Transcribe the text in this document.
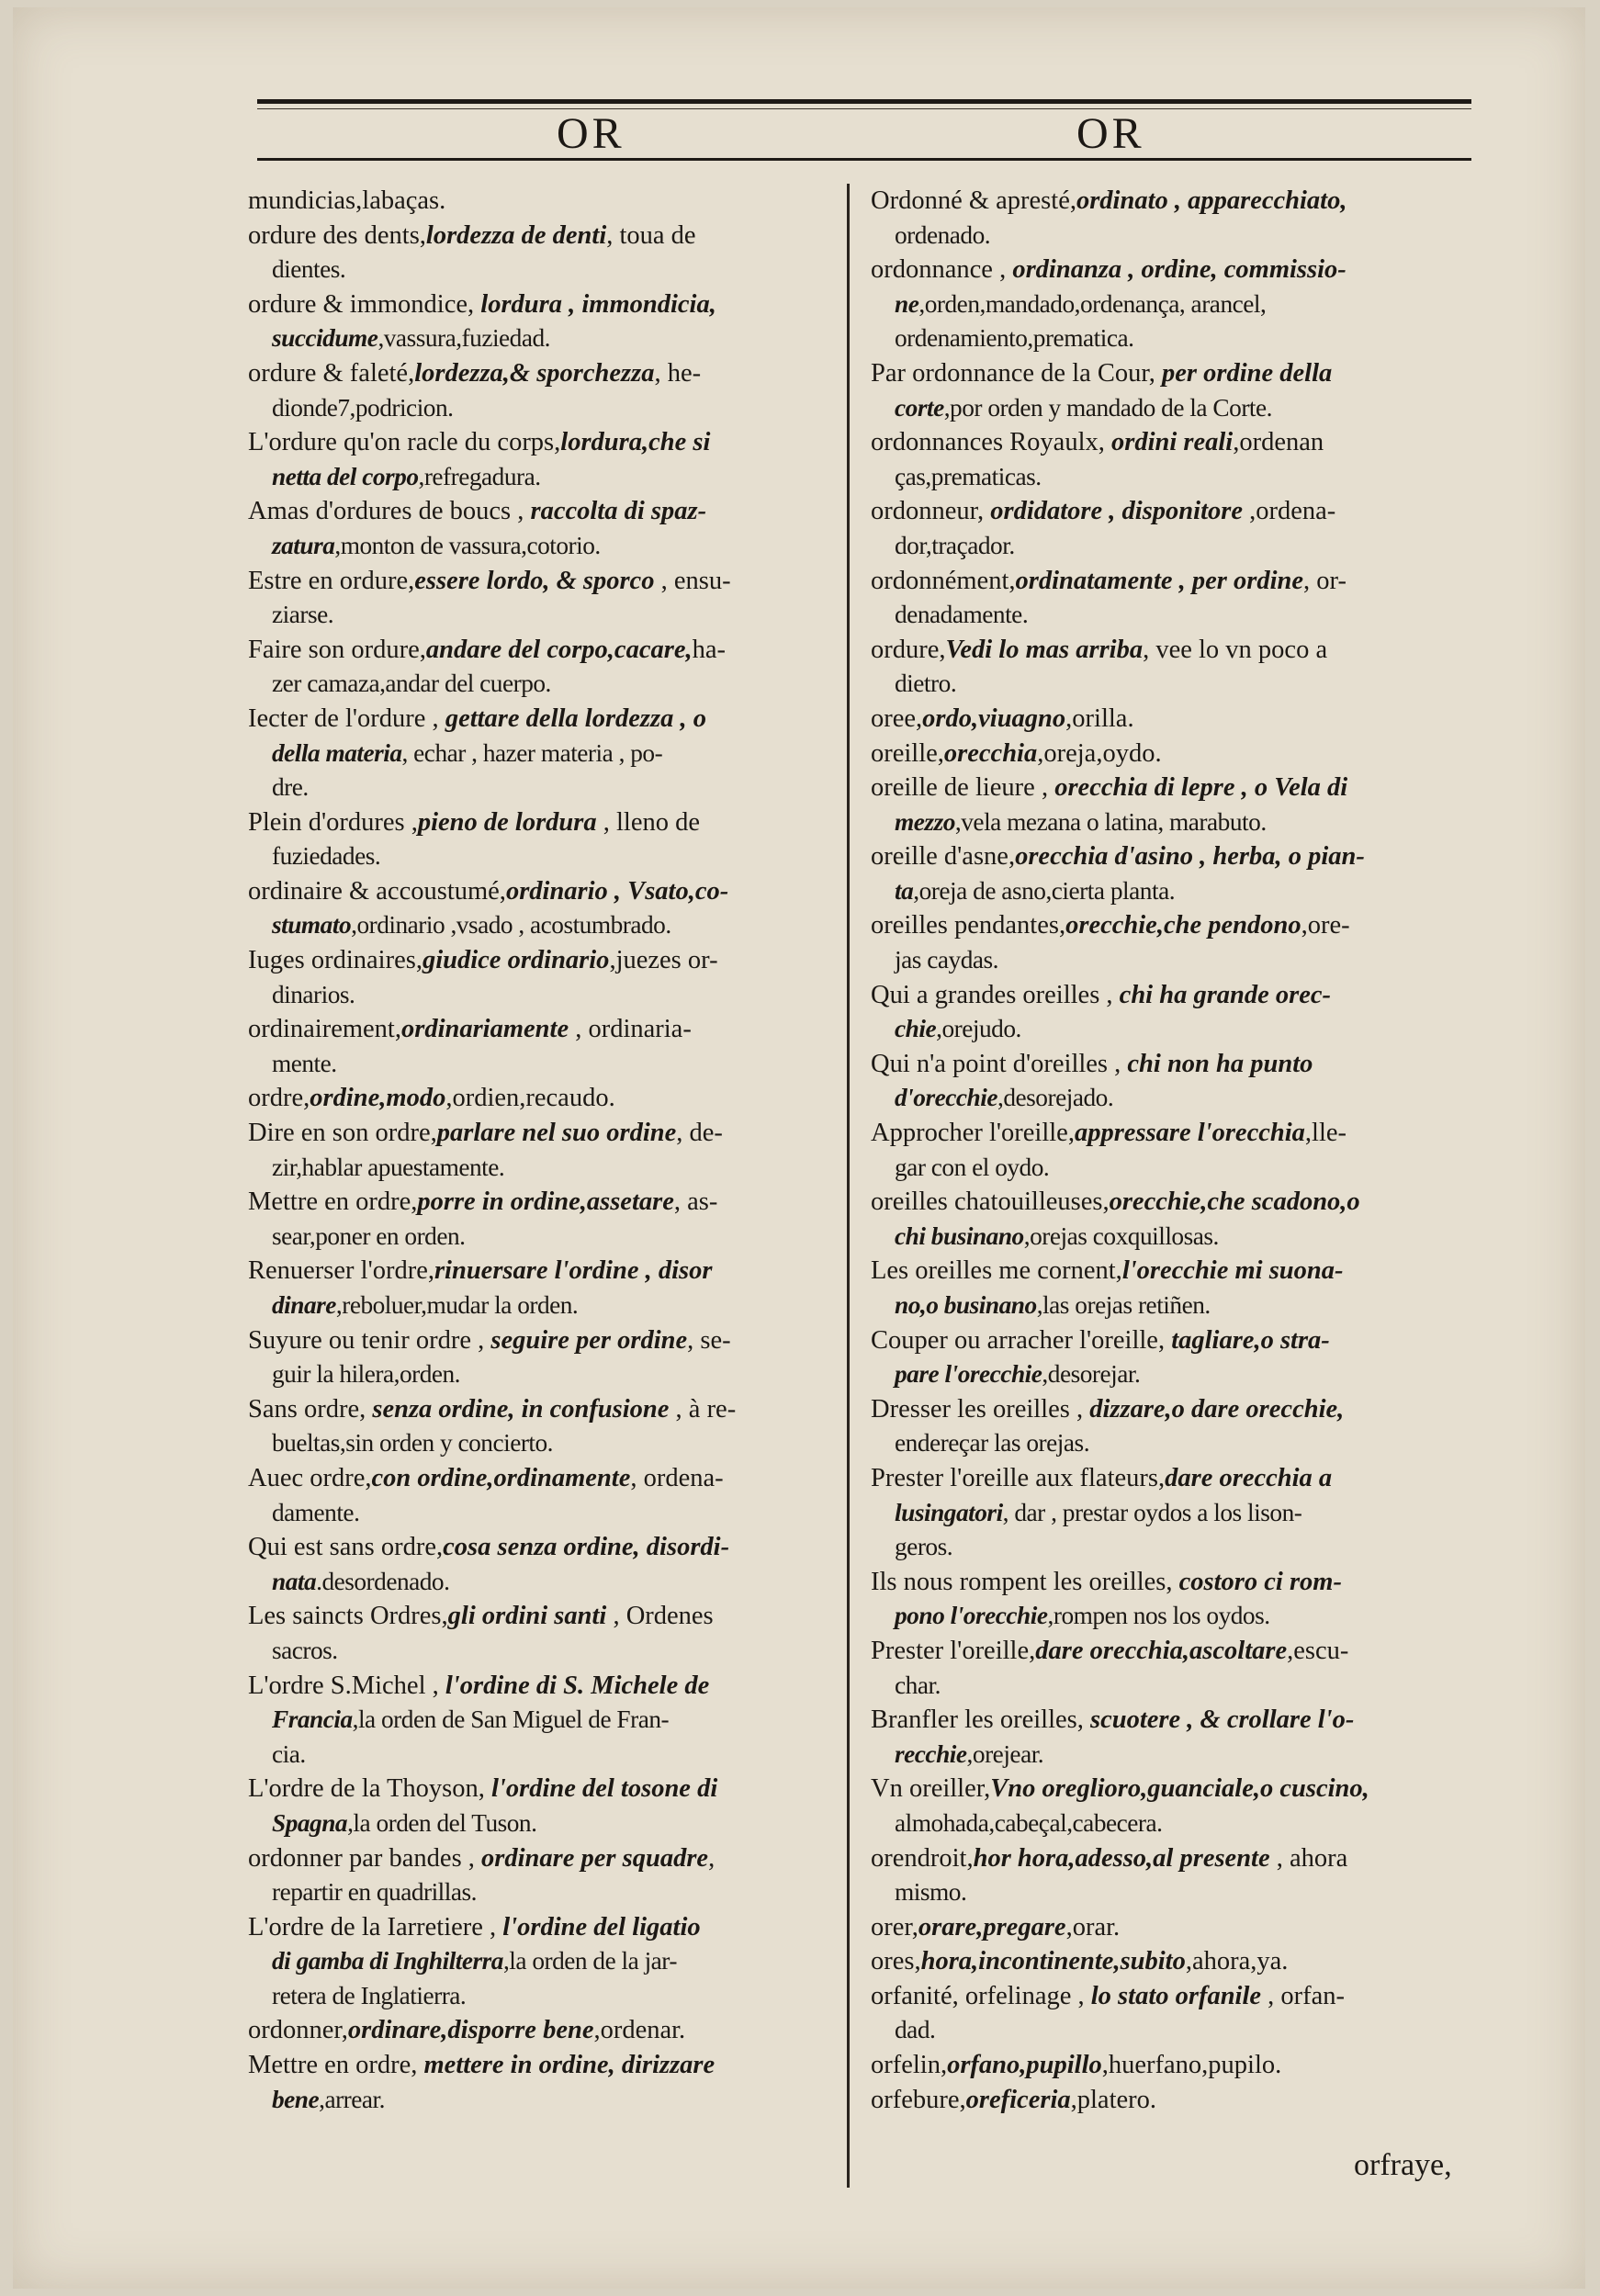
OR	OR
mundicias,labaças.
ordure des dents,lordezza de denti, toua de
dientes.
ordure & immondice, lordura , immondicia,
succidume,vassura,fuziedad.
ordure & faleté,lordezza,& sporchezza, he-
dionde7,podricion.
L'ordure qu'on racle du corps,lordura,che si
netta del corpo,refregadura.
Amas d'ordures de boucs , raccolta di spaz-
zatura,monton de vassura,cotorio.
Estre en ordure,essere lordo, & sporco , ensu-
ziarse.
Faire son ordure,andare del corpo,cacare,ha-
zer camaza,andar del cuerpo.
Iecter de l'ordure , gettare della lordezza , o
della materia, echar , hazer materia , po-
dre.
Plein d'ordures ,pieno de lordura , lleno de
fuziedades.
ordinaire & accoustumé,ordinario , Vsato,co-
stumato,ordinario ,vsado , acostumbrado.
Iuges ordinaires,giudice ordinario,juezes or-
dinarios.
ordinairement,ordinariamente , ordinaria-
mente.
ordre,ordine,modo,ordien,recaudo.
Dire en son ordre,parlare nel suo ordine, de-
zir,hablar apuestamente.
Mettre en ordre,porre in ordine,assetare, as-
sear,poner en orden.
Renuerser l'ordre,rinuersare l'ordine , disor
dinare,reboluer,mudar la orden.
Suyure ou tenir ordre , seguire per ordine, se-
guir la hilera,orden.
Sans ordre, senza ordine, in confusione , à re-
bueltas,sin orden y concierto.
Auec ordre,con ordine,ordinamente, ordena-
damente.
Qui est sans ordre,cosa senza ordine, disordi-
nata.desordenado.
Les saincts Ordres,gli ordini santi , Ordenes
sacros.
L'ordre S.Michel , l'ordine di S. Michele de
Francia,la orden de San Miguel de Fran-
cia.
L'ordre de la Thoyson, l'ordine del tosone di
Spagna,la orden del Tuson.
ordonner par bandes , ordinare per squadre,
repartir en quadrillas.
L'ordre de la Iarretiere , l'ordine del ligatio
di gamba di Inghilterra,la orden de la jar-
retera de Inglatierra.
ordonner,ordinare,disporre bene,ordenar.
Mettre en ordre, mettere in ordine, dirizzare
bene,arrear.
Ordonné & apresté,ordinato , apparecchiato,
ordenado.
ordonnance , ordinanza , ordine, commissio-
ne,orden,mandado,ordenança, arancel,
ordenamiento,prematica.
Par ordonnance de la Cour, per ordine della
corte,por orden y mandado de la Corte.
ordonnances Royaulx, ordini reali,ordenan
ças,prematicas.
ordonneur, ordidatore , disponitore ,ordena-
dor,traçador.
ordonnément,ordinatamente , per ordine, or-
denadamente.
ordure,Vedi lo mas arriba, vee lo vn poco a
dietro.
oree,ordo,viuagno,orilla.
oreille,orecchia,oreja,oydo.
oreille de lieure , orecchia di lepre , o Vela di
mezzo,vela mezana o latina, marabuto.
oreille d'asne,orecchia d'asino , herba, o pian-
ta,oreja de asno,cierta planta.
oreilles pendantes,orecchie,che pendono,ore-
jas caydas.
Qui a grandes oreilles , chi ha grande orec-
chie,orejudo.
Qui n'a point d'oreilles , chi non ha punto
d'orecchie,desorejado.
Approcher l'oreille,appressare l'orecchia,lle-
gar con el oydo.
oreilles chatouilleuses,orecchie,che scadono,o
chi businano,orejas coxquillosas.
Les oreilles me cornent,l'orecchie mi suona-
no,o businano,las orejas retiñen.
Couper ou arracher l'oreille, tagliare,o stra-
pare l'orecchie,desorejar.
Dresser les oreilles , dizzare,o dare orecchie,
endereçar las orejas.
Prester l'oreille aux flateurs,dare orecchia a
lusingatori, dar , prestar oydos a los lison-
geros.
Ils nous rompent les oreilles, costoro ci rom-
pono l'orecchie,rompen nos los oydos.
Prester l'oreille,dare orecchia,ascoltare,escu-
char.
Branfler les oreilles, scuotere , & crollare l'o-
recchie,orejear.
Vn oreiller,Vno oreglioro,guanciale,o cuscino,
almohada,cabeçal,cabecera.
orendroit,hor hora,adesso,al presente , ahora
mismo.
orer,orare,pregare,orar.
ores,hora,incontinente,subito,ahora,ya.
orfanité, orfelinage , lo stato orfanile , orfan-
dad.
orfelin,orfano,pupillo,huerfano,pupilo.
orfebure,oreficeria,platero.
orfraye,
